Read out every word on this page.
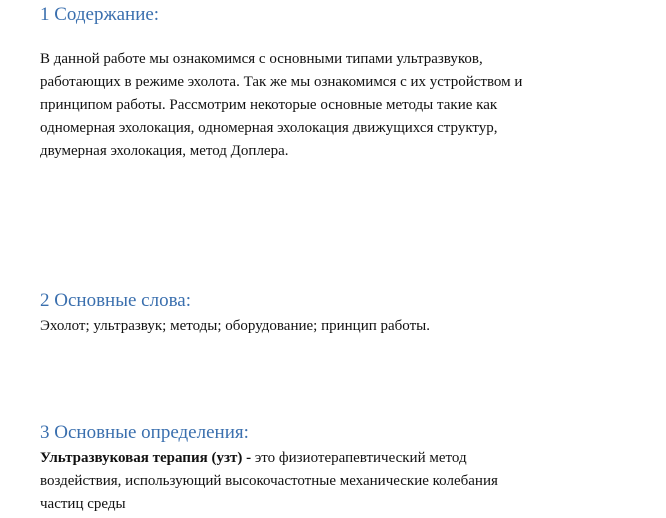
1 Содержание:
В данной работе мы ознакомимся с основными типами ультразвуков,
работающих в режиме эхолота. Так же мы ознакомимся с их устройством и
принципом работы. Рассмотрим некоторые основные методы такие как
одномерная эхолокация, одномерная эхолокация движущихся структур,
двумерная эхолокация, метод Доплера.
2 Основные слова:
Эхолот; ультразвук; методы; оборудование; принцип работы.
3 Основные определения:
Ультразвуковая терапия (узт) - это физиотерапевтический метод
воздействия, использующий высокочастотные механические колебания
частиц среды
